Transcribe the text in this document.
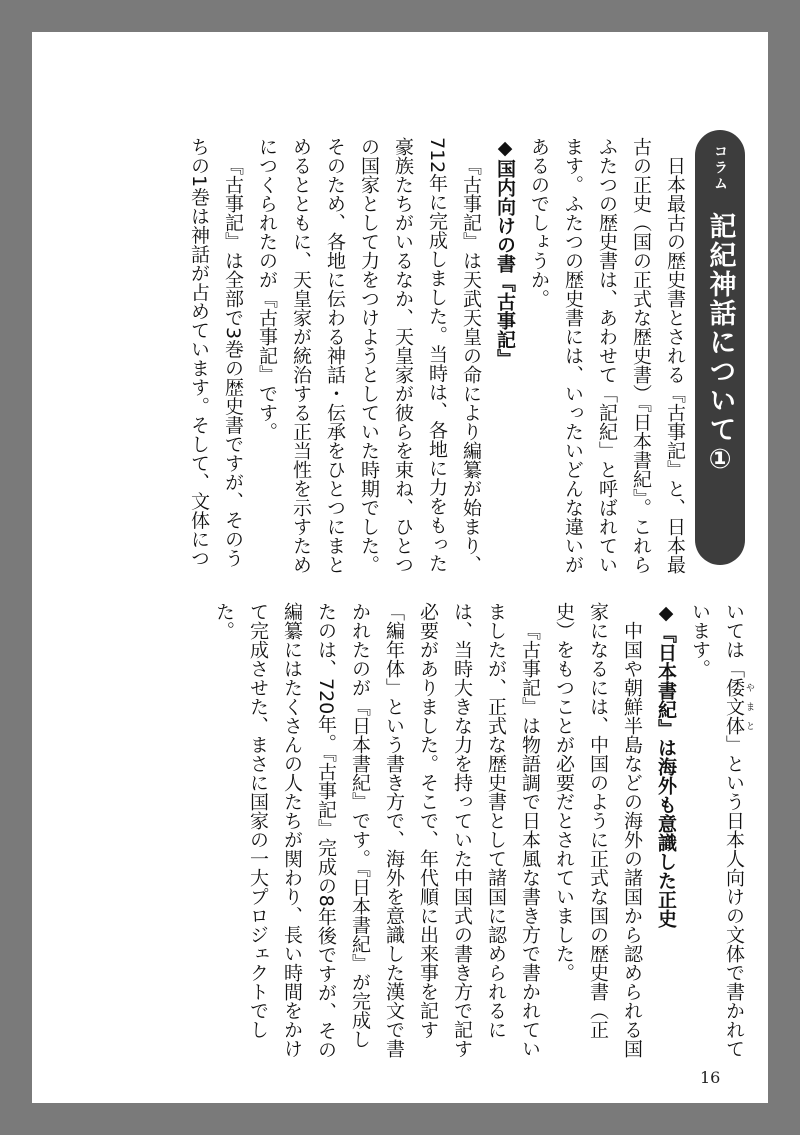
コラム
記紀神話について①

日本最古の歴史書とされる『古事記』と、日本最古の正史（国の正式な歴史書）『日本書紀』。これらふたつの歴史書は、あわせて「記紀」と呼ばれています。ふたつの歴史書には、いったいどんな違いがあるのでしょうか。

◆国内向けの書『古事記』

『古事記』は天武天皇の命により編纂が始まり、712年に完成しました。当時は、各地に力をもった豪族たちがいるなか、天皇家が彼らを束ね、ひとつの国家として力をつけようとしていた時期でした。そのため、各地に伝わる神話・伝承をひとつにまとめるとともに、天皇家が統治する正当性を示すためにつくられたのが『古事記』です。

『古事記』は全部で3巻の歴史書ですが、そのうちの1巻は神話が占めています。そして、文体につ

いては「倭文体 やまと」という日本人向けの文体で書かれています。

◆『日本書紀』は海外も意識した正史

中国や朝鮮半島などの海外の諸国から認められる国家になるには、中国のように正式な国の歴史書（正史）をもつことが必要だとされていました。

『古事記』は物語調で日本風な書き方で書かれていましたが、正式な歴史書として諸国に認められるには、当時大きな力を持っていた中国式の書き方で記す必要がありました。そこで、年代順に出来事を記す「編年体」という書き方で、海外を意識した漢文で書かれたのが『日本書紀』です。『日本書紀』が完成したのは、720年。『古事記』完成の8年後ですが、その編纂にはたくさんの人たちが関わり、長い時間をかけて完成させた、まさに国家の一大プロジェクトでした。

16
